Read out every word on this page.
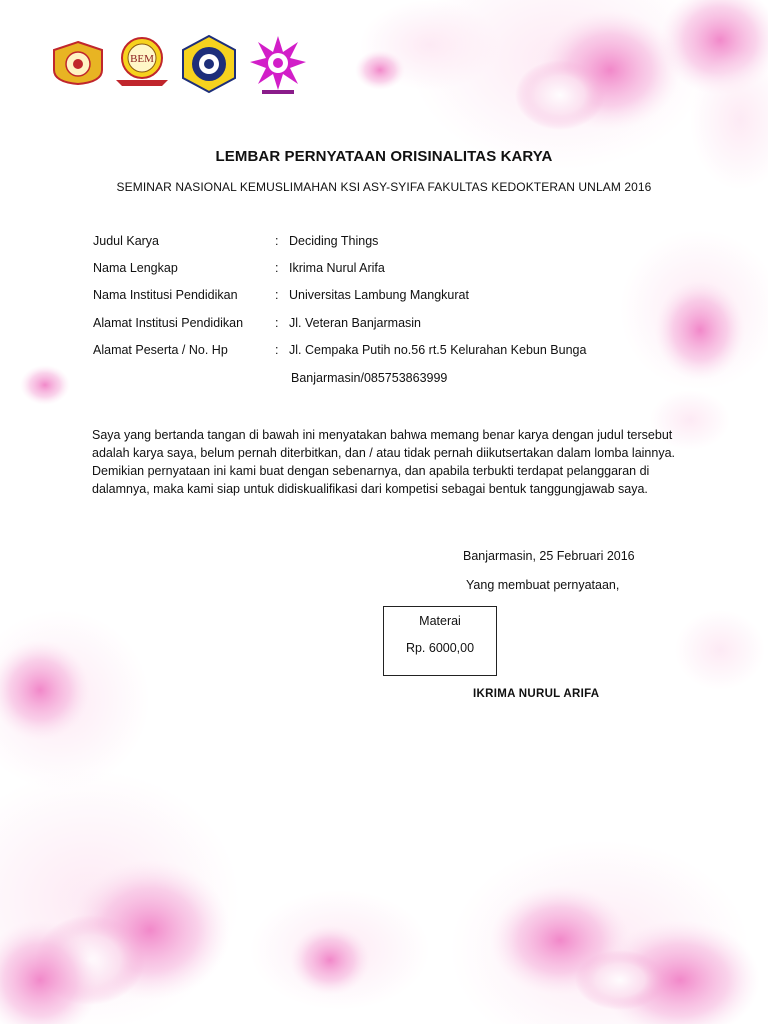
BEM
LEMBAR PERNYATAAN ORISINALITAS KARYA
SEMINAR NASIONAL KEMUSLIMAHAN KSI ASY-SYIFA FAKULTAS KEDOKTERAN UNLAM 2016
Judul Karya	: Deciding Things
Nama Lengkap	: Ikrima Nurul Arifa
Nama Institusi Pendidikan	: Universitas Lambung Mangkurat
Alamat Institusi Pendidikan	: Jl. Veteran Banjarmasin
Alamat Peserta / No. Hp	: Jl. Cempaka Putih no.56 rt.5 Kelurahan Kebun Bunga
Banjarmasin/085753863999
Saya yang bertanda tangan di bawah ini menyatakan bahwa memang benar karya dengan judul tersebut adalah karya saya, belum pernah diterbitkan, dan / atau tidak pernah diikutsertakan dalam lomba lainnya. Demikian pernyataan ini kami buat dengan sebenarnya, dan apabila terbukti terdapat pelanggaran di dalamnya, maka kami siap untuk didiskualifikasi dari kompetisi sebagai bentuk tanggungjawab saya.
Banjarmasin, 25 Februari 2016
Yang membuat pernyataan,
Materai
Rp. 6000,00
IKRIMA NURUL ARIFA
